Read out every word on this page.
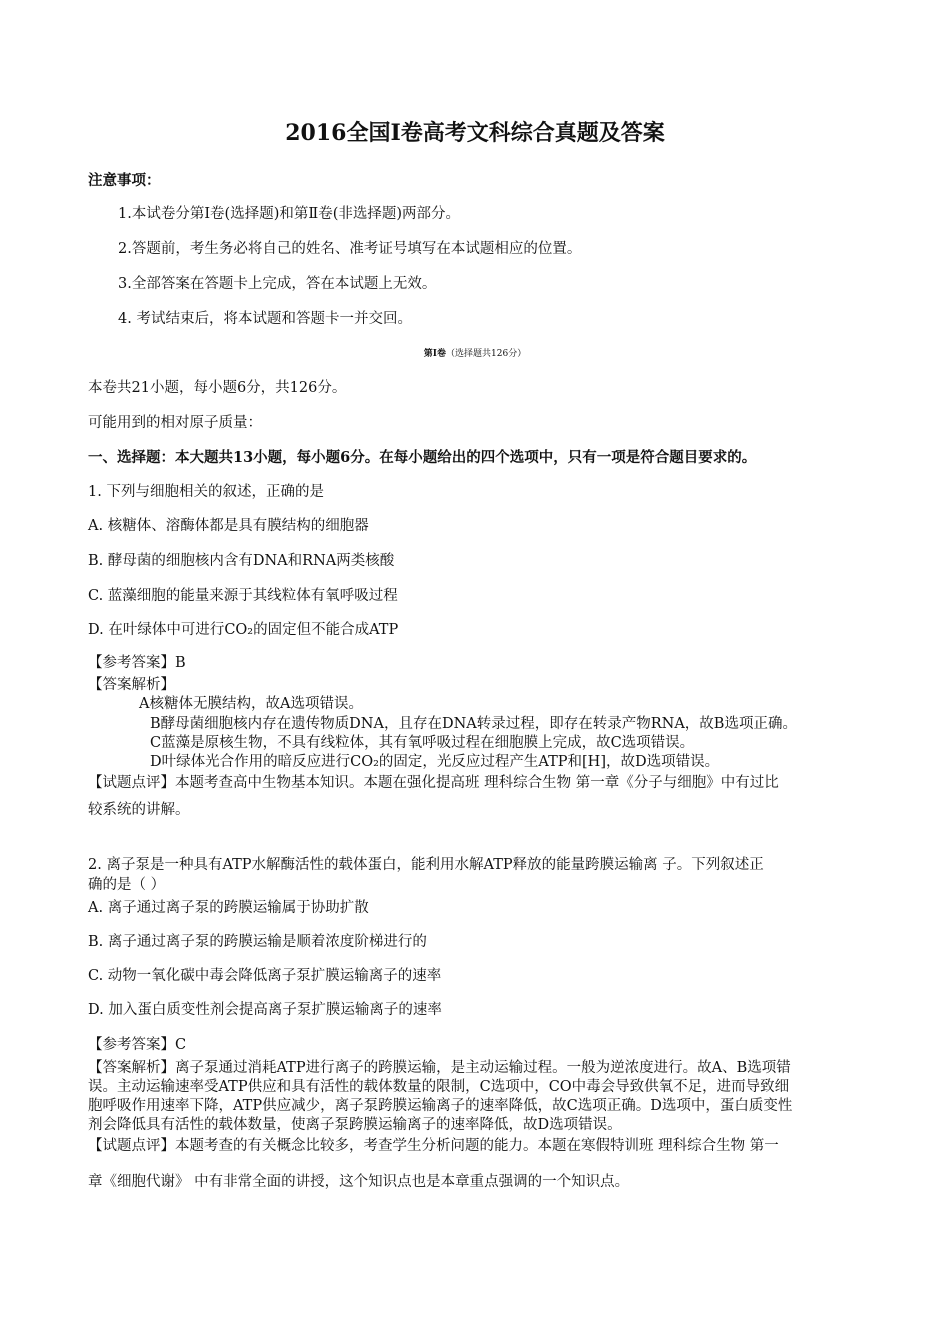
2016全国Ⅰ卷高考文科综合真题及答案
注意事项：
1.本试卷分第Ⅰ卷(选择题)和第Ⅱ卷(非选择题)两部分。
2.答题前，考生务必将自己的姓名、准考证号填写在本试题相应的位置。
3.全部答案在答题卡上完成，答在本试题上无效。
4. 考试结束后，将本试题和答题卡一并交回。
第Ⅰ卷（选择题共126分）
本卷共21小题，每小题6分，共126分。
可能用到的相对原子质量：
一、选择题：本大题共13小题，每小题6分。在每小题给出的四个选项中，只有一项是符合题目要求的。
1. 下列与细胞相关的叙述，正确的是
A. 核糖体、溶酶体都是具有膜结构的细胞器
B. 酵母菌的细胞核内含有DNA和RNA两类核酸
C. 蓝藻细胞的能量来源于其线粒体有氧呼吸过程
D. 在叶绿体中可进行CO₂的固定但不能合成ATP
【参考答案】B
【答案解析】
A核糖体无膜结构，故A选项错误。
B酵母菌细胞核内存在遗传物质DNA，且存在DNA转录过程，即存在转录产物RNA，故B选项正确。
C蓝藻是原核生物，不具有线粒体，其有氧呼吸过程在细胞膜上完成，故C选项错误。
D叶绿体光合作用的暗反应进行CO₂的固定，光反应过程产生ATP和[H]，故D选项错误。
【试题点评】本题考查高中生物基本知识。本题在强化提高班 理科综合生物 第一章《分子与细胞》中有过比
较系统的讲解。
2. 离子泵是一种具有ATP水解酶活性的载体蛋白，能利用水解ATP释放的能量跨膜运输离 子。下列叙述正
确的是（ ）
A. 离子通过离子泵的跨膜运输属于协助扩散
B. 离子通过离子泵的跨膜运输是顺着浓度阶梯进行的
C. 动物一氧化碳中毒会降低离子泵扩膜运输离子的速率
D. 加入蛋白质变性剂会提高离子泵扩膜运输离子的速率
【参考答案】C
【答案解析】离子泵通过消耗ATP进行离子的跨膜运输，是主动运输过程。一般为逆浓度进行。故A、B选项错
误。主动运输速率受ATP供应和具有活性的载体数量的限制，C选项中，CO中毒会导致供氧不足，进而导致细
胞呼吸作用速率下降，ATP供应减少，离子泵跨膜运输离子的速率降低，故C选项正确。D选项中，蛋白质变性
剂会降低具有活性的载体数量，使离子泵跨膜运输离子的速率降低，故D选项错误。
【试题点评】本题考查的有关概念比较多，考查学生分析问题的能力。本题在寒假特训班 理科综合生物 第一
章《细胞代谢》 中有非常全面的讲授，这个知识点也是本章重点强调的一个知识点。
